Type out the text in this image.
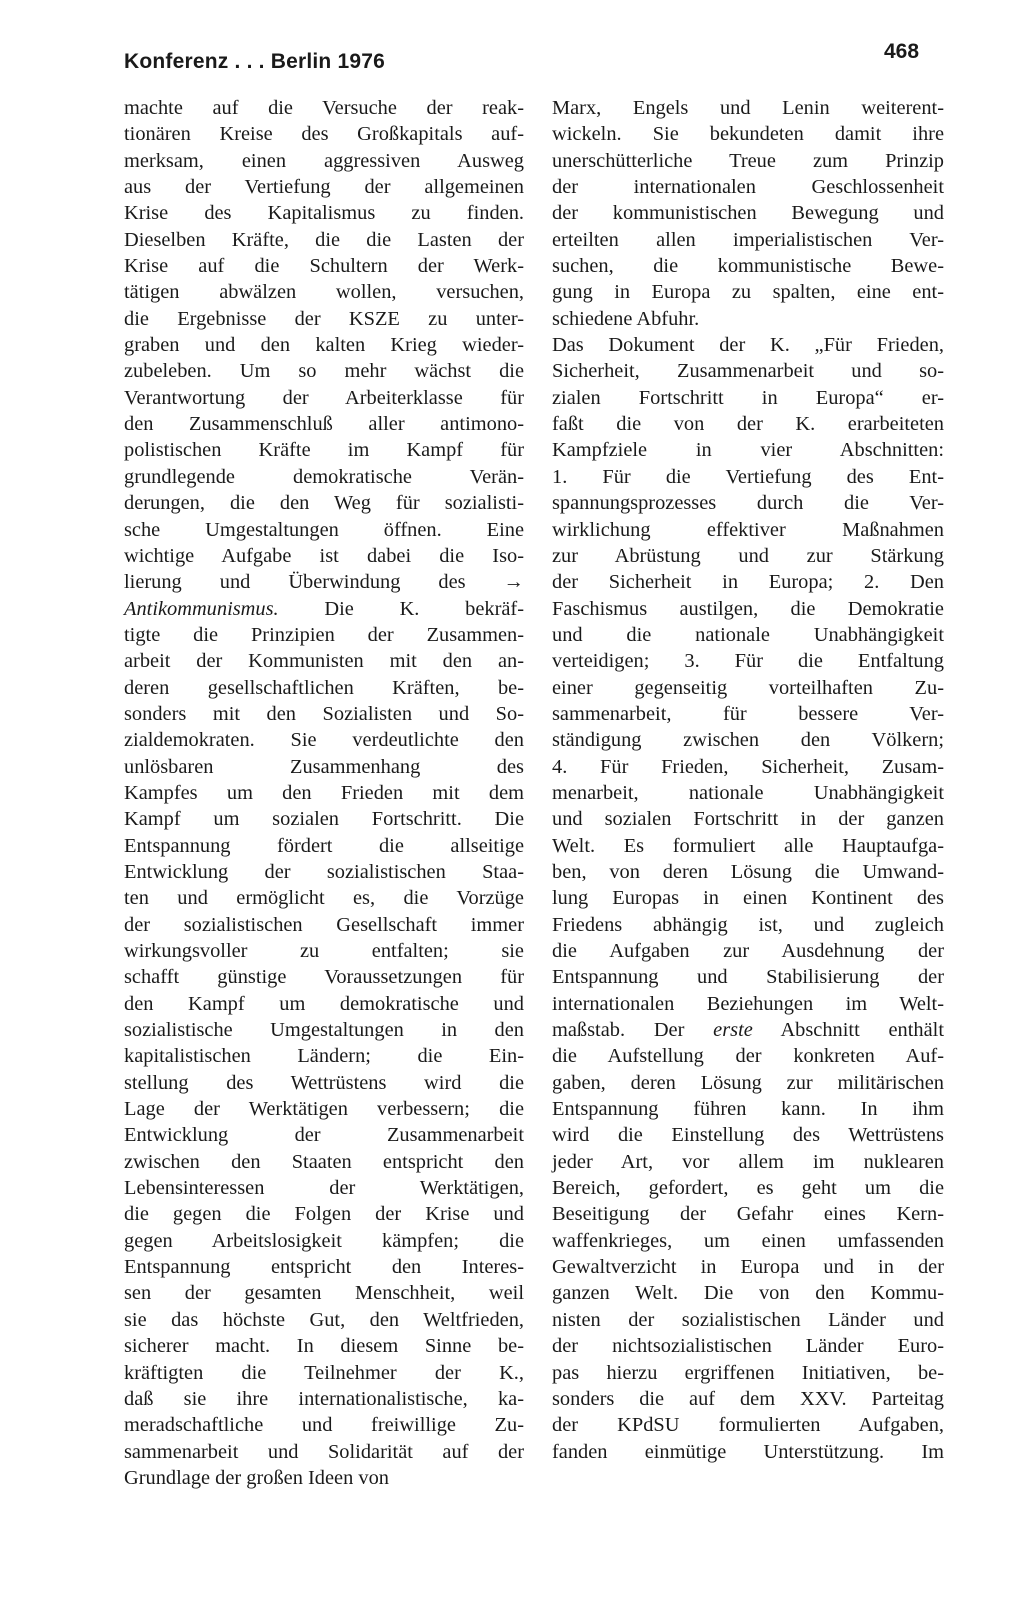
Konferenz . . . Berlin 1976	468
machte auf die Versuche der reak-
tionären Kreise des Großkapitals auf-
merksam, einen aggressiven Ausweg
aus der Vertiefung der allgemeinen
Krise des Kapitalismus zu finden.
Dieselben Kräfte, die die Lasten der
Krise auf die Schultern der Werk-
tätigen abwälzen wollen, versuchen,
die Ergebnisse der KSZE zu unter-
graben und den kalten Krieg wieder-
zubeleben. Um so mehr wächst die
Verantwortung der Arbeiterklasse für
den Zusammenschluß aller antimono-
polistischen Kräfte im Kampf für
grundlegende demokratische Verän-
derungen, die den Weg für sozialisti-
sche Umgestaltungen öffnen. Eine
wichtige Aufgabe ist dabei die Iso-
lierung und Überwindung des →
Antikommunismus. Die K. bekräf-
tigte die Prinzipien der Zusammen-
arbeit der Kommunisten mit den an-
deren gesellschaftlichen Kräften, be-
sonders mit den Sozialisten und So-
zialdemokraten. Sie verdeutlichte den
unlösbaren Zusammenhang des
Kampfes um den Frieden mit dem
Kampf um sozialen Fortschritt. Die
Entspannung fördert die allseitige
Entwicklung der sozialistischen Staa-
ten und ermöglicht es, die Vorzüge
der sozialistischen Gesellschaft immer
wirkungsvoller zu entfalten; sie
schafft günstige Voraussetzungen für
den Kampf um demokratische und
sozialistische Umgestaltungen in den
kapitalistischen Ländern; die Ein-
stellung des Wettrüstens wird die
Lage der Werktätigen verbessern; die
Entwicklung der Zusammenarbeit
zwischen den Staaten entspricht den
Lebensinteressen der Werktätigen,
die gegen die Folgen der Krise und
gegen Arbeitslosigkeit kämpfen; die
Entspannung entspricht den Interes-
sen der gesamten Menschheit, weil
sie das höchste Gut, den Weltfrieden,
sicherer macht. In diesem Sinne be-
kräftigten die Teilnehmer der K.,
daß sie ihre internationalistische, ka-
meradschaftliche und freiwillige Zu-
sammenarbeit und Solidarität auf der
Grundlage der großen Ideen von
Marx, Engels und Lenin weiterent-
wickeln. Sie bekundeten damit ihre
unerschütterliche Treue zum Prinzip
der internationalen Geschlossenheit
der kommunistischen Bewegung und
erteilten allen imperialistischen Ver-
suchen, die kommunistische Bewe-
gung in Europa zu spalten, eine ent-
schiedene Abfuhr.
Das Dokument der K. „Für Frieden,
Sicherheit, Zusammenarbeit und so-
zialen Fortschritt in Europa“ er-
faßt die von der K. erarbeiteten
Kampfziele in vier Abschnitten:
1. Für die Vertiefung des Ent-
spannungsprozesses durch die Ver-
wirklichung effektiver Maßnahmen
zur Abrüstung und zur Stärkung
der Sicherheit in Europa; 2. Den
Faschismus austilgen, die Demokratie
und die nationale Unabhängigkeit
verteidigen; 3. Für die Entfaltung
einer gegenseitig vorteilhaften Zu-
sammenarbeit, für bessere Ver-
ständigung zwischen den Völkern;
4. Für Frieden, Sicherheit, Zusam-
menarbeit, nationale Unabhängigkeit
und sozialen Fortschritt in der ganzen
Welt. Es formuliert alle Hauptaufga-
ben, von deren Lösung die Umwand-
lung Europas in einen Kontinent des
Friedens abhängig ist, und zugleich
die Aufgaben zur Ausdehnung der
Entspannung und Stabilisierung der
internationalen Beziehungen im Welt-
maßstab. Der erste Abschnitt enthält
die Aufstellung der konkreten Auf-
gaben, deren Lösung zur militärischen
Entspannung führen kann. In ihm
wird die Einstellung des Wettrüstens
jeder Art, vor allem im nuklearen
Bereich, gefordert, es geht um die
Beseitigung der Gefahr eines Kern-
waffenkrieges, um einen umfassenden
Gewaltverzicht in Europa und in der
ganzen Welt. Die von den Kommu-
nisten der sozialistischen Länder und
der nichtsozialistischen Länder Euro-
pas hierzu ergriffenen Initiativen, be-
sonders die auf dem XXV. Parteitag
der KPdSU formulierten Aufgaben,
fanden einmütige Unterstützung. Im
